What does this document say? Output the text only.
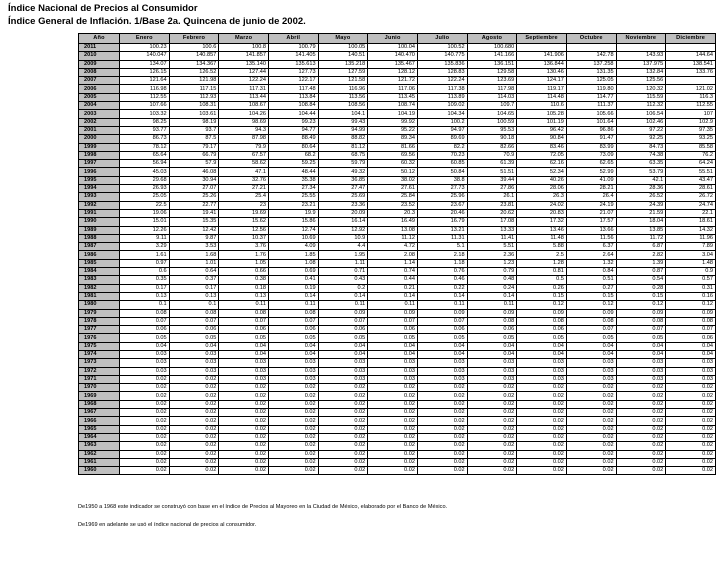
Índice Nacional de Precios al Consumidor
Índice General de Inflación. 1/Base 2a. Quincena de junio de 2002.
Año	Enero	Febrero	Marzo	Abril	Mayo	Junio	Julio	Agosto	Septiembre	Octubre	Noviembre	Diciembre
2011	100.23	100.6	100.8	100.79	100.05	100.04	100.52	100.680				
2010	140.047	140.857	141.857	141.405	140.51	140.470	140.775	141.166	141.906	142.78	143.93	144.64
2009	134.07	134.367	135.140	135.613	135.218	135.467	135.836	136.151	136.844	137.258	137.975	138.541
2008	126.15	126.52	127.44	127.73	127.59	128.12	128.83	129.58	130.46	131.35	132.84	133.76
2007	121.64	121.98	122.24	122.17	121.58	121.72	122.24	123.69	124.17	125.05	125.56	
2006	116.98	117.15	117.31	117.48	116.96	117.06	117.38	117.98	119.17	119.80	120.32	121.02
2005	112.55	112.93	113.44	113.84	113.56	113.45	113.89	114.03	114.48	114.77	115.59	116.3
2004	107.66	108.31	108.67	108.84	108.56	108.74	109.02	109.7	110.6	111.37	112.32	112.55
2003	103.32	103.61	104.26	104.44	104.1	104.19	104.34	104.65	105.28	105.66	106.54	107
2002	98.25	98.19	98.69	99.23	99.43	99.92	100.2	100.59	101.19	101.64	102.46	102.9
2001	93.77	93.7	94.3	94.77	94.99	95.22	94.97	95.53	96.42	96.86	97.22	97.35
2000	86.73	87.5	87.98	88.49	88.82	89.34	89.69	90.18	90.84	91.47	92.25	93.25
1999	78.12	79.17	79.9	80.64	81.12	81.66	82.2	82.66	83.46	83.99	84.73	85.58
1998	65.64	66.79	67.57	68.2	68.75	69.56	70.23	70.9	72.05	73.09	74.38	76.2
1997	56.94	57.9	58.62	59.25	59.79	60.32	60.85	61.39	62.16	62.65	63.35	64.24
1996	45.03	46.08	47.1	48.44	49.32	50.12	50.84	51.51	52.34	52.99	53.79	55.51
1995	29.68	30.94	32.76	35.38	36.85	38.02	38.8	39.44	40.26	41.09	42.1	43.47
1994	26.93	27.07	27.21	27.34	27.47	27.61	27.73	27.86	28.06	28.21	28.36	28.61
1993	25.05	25.26	25.4	25.55	25.69	25.84	25.96	26.1	26.3	26.4	26.52	26.72
1992	22.5	22.77	23	23.21	23.36	23.52	23.67	23.81	24.02	24.19	24.39	24.74
1991	19.06	19.41	19.69	19.9	20.09	20.3	20.46	20.62	20.83	21.07	21.59	22.1
1990	15.01	15.35	15.62	15.86	16.14	16.49	16.79	17.08	17.32	17.57	18.04	18.61
1989	12.26	12.42	12.56	12.74	12.92	13.08	13.21	13.33	13.46	13.66	13.85	14.32
1988	9.11	9.87	10.37	10.69	10.9	11.12	11.31	11.41	11.48	11.56	11.72	11.96
1987	3.29	3.53	3.76	4.09	4.4	4.72	5.1	5.51	5.88	6.37	6.87	7.89
1986	1.61	1.68	1.76	1.85	1.95	2.08	2.18	2.36	2.5	2.64	2.82	3.04
1985	0.97	1.01	1.05	1.08	1.11	1.14	1.18	1.23	1.28	1.32	1.39	1.48
1984	0.6	0.64	0.66	0.69	0.71	0.74	0.76	0.79	0.81	0.84	0.87	0.9
1983	0.35	0.37	0.38	0.41	0.43	0.44	0.46	0.48	0.5	0.51	0.54	0.57
1982	0.17	0.17	0.18	0.19	0.2	0.21	0.22	0.24	0.26	0.27	0.28	0.31
1981	0.13	0.13	0.13	0.14	0.14	0.14	0.14	0.14	0.15	0.15	0.15	0.16
1980	0.1	0.1	0.11	0.11	0.11	0.11	0.11	0.11	0.12	0.12	0.12	0.12
1979	0.08	0.08	0.08	0.08	0.09	0.09	0.09	0.09	0.09	0.09	0.09	0.09
1978	0.07	0.07	0.07	0.07	0.07	0.07	0.07	0.08	0.08	0.08	0.08	0.08
1977	0.06	0.06	0.06	0.06	0.06	0.06	0.06	0.06	0.06	0.07	0.07	0.07
1976	0.05	0.05	0.05	0.05	0.05	0.05	0.05	0.05	0.05	0.05	0.05	0.06
1975	0.04	0.04	0.04	0.04	0.04	0.04	0.04	0.04	0.04	0.04	0.04	0.04
1974	0.03	0.03	0.04	0.04	0.04	0.04	0.04	0.04	0.04	0.04	0.04	0.04
1973	0.03	0.03	0.03	0.03	0.03	0.03	0.03	0.03	0.03	0.03	0.03	0.03
1972	0.03	0.03	0.03	0.03	0.03	0.03	0.03	0.03	0.03	0.03	0.03	0.03
1971	0.02	0.02	0.03	0.03	0.03	0.03	0.03	0.03	0.03	0.03	0.03	0.03
1970	0.02	0.02	0.02	0.02	0.02	0.02	0.02	0.02	0.02	0.02	0.02	0.02
1969	0.02	0.02	0.02	0.02	0.02	0.02	0.02	0.02	0.02	0.02	0.02	0.02
1968	0.02	0.02	0.02	0.02	0.02	0.02	0.02	0.02	0.02	0.02	0.02	0.02
1967	0.02	0.02	0.02	0.02	0.02	0.02	0.02	0.02	0.02	0.02	0.02	0.02
1966	0.02	0.02	0.02	0.02	0.02	0.02	0.02	0.02	0.02	0.02	0.02	0.02
1965	0.02	0.02	0.02	0.02	0.02	0.02	0.02	0.02	0.02	0.02	0.02	0.02
1964	0.02	0.02	0.02	0.02	0.02	0.02	0.02	0.02	0.02	0.02	0.02	0.02
1963	0.02	0.02	0.02	0.02	0.02	0.02	0.02	0.02	0.02	0.02	0.02	0.02
1962	0.02	0.02	0.02	0.02	0.02	0.02	0.02	0.02	0.02	0.02	0.02	0.02
1961	0.02	0.02	0.02	0.02	0.02	0.02	0.02	0.02	0.02	0.02	0.02	0.02
1960	0.02	0.02	0.02	0.02	0.02	0.02	0.02	0.02	0.02	0.02	0.02	0.02
De1950 a 1968 este indicador se construyó con base en el índice de Precios al Mayoreo en la Ciudad de México, elaborado por el Banco de México.
De1969 en adelante se usó el índice nacional de precios al consumidor.
